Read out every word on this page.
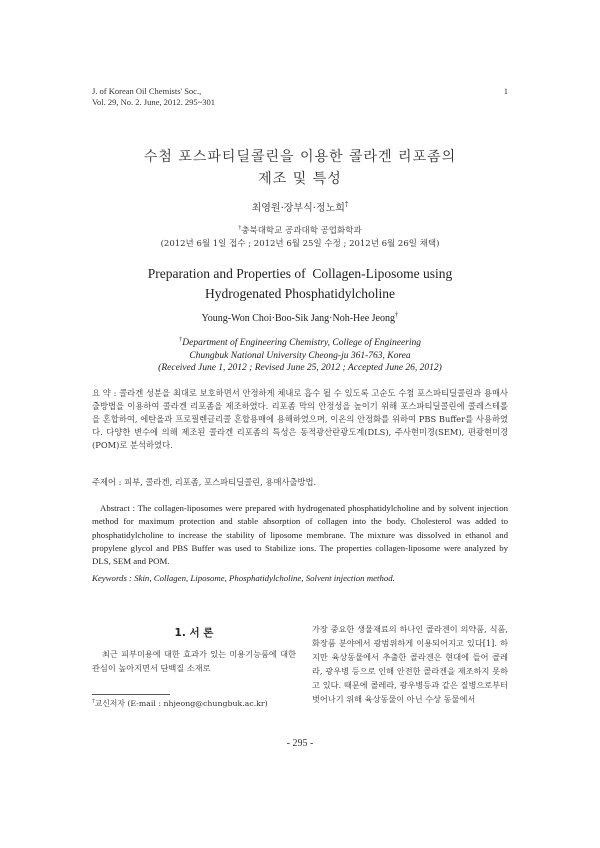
J. of Korean Oil Chemists' Soc.,
Vol. 29, No. 2. June, 2012. 295~301
1
수첨 포스파티딜콜린을 이용한 콜라겐 리포좀의
제조 및 특성
최영원·장부식·정노희†
†충북대학교 공과대학 공업화학과
(2012년 6월 1일 접수 ; 2012년 6월 25일 수정 ; 2012년 6월 26일 채택)
Preparation and Properties of  Collagen-Liposome using
Hydrogenated Phosphatidylcholine
Young-Won Choi·Boo-Sik Jang·Noh-Hee Jeong†
†Department of Engineering Chemistry, College of Engineering
Chungbuk National University Cheong-ju 361-763, Korea
(Received June 1, 2012 ; Revised June 25, 2012 ; Accepted June 26, 2012)
요 약 : 콜라겐 성분을 최대로 보호하면서 안정하게 체내로 흡수 될 수 있도록 고순도 수첨 포스파티딜콜린과 용매사출방법을 이용하여 콜라겐 리포좀을 제조하였다. 리포좀 막의 안정성을 높이기 위해 포스파티딜콜린에 콜레스테롤을 혼합하여, 에탄올과 프로필렌글리콜 혼합용매에 용해하였으며, 이온의 안정화를 위하여 PBS Buffer를 사용하였다. 다양한 변수에 의해 제조된 콜라겐 리포좀의 특성은 동적광산란광도계(DLS), 주사현미경(SEM), 편광현미경(POM)로 분석하였다.
주제어 : 피부, 콜라겐, 리포좀, 포스파티딜콜린, 용매사출방법.
Abstract : The collagen-liposomes were prepared with hydrogenated phosphatidylcholine and by solvent injection method for maximum protection and stable absorption of collagen into the body. Cholesterol was added to phosphatidylcholine to increase the stability of liposome membrane. The mixture was dissolved in ethanol and propylene glycol and PBS Buffer was used to Stabilize ions. The properties collagen-liposome were analyzed by DLS, SEM and POM.
Keywords : Skin, Collagen, Liposome, Phosphatidylcholine, Solvent injection method.
1. 서 론
최근 피부미용에 대한 효과가 있는 미용기능품에 대한 관심이 높아지면서 단백질 소재로
†교신저자 (E-mail : nhjeong@chungbuk.ac.kr)
가장 중요한 생물재료의 하나인 콜라겐이 의약품, 식품, 화장품 분야에서 광범위하게 이용되어지고 있다[1]. 하지만 육상동물에서 추출한 콜라겐은 현대에 들어 콜레라, 광우병 등으로 인해 안전한 콜라겐을 제조하지 못하고 있다. 때문에 콜레라, 광우병등과 같은 질병으로부터 벗어나기 위해 육상동물이 아닌 수상 동물에서
- 295 -
